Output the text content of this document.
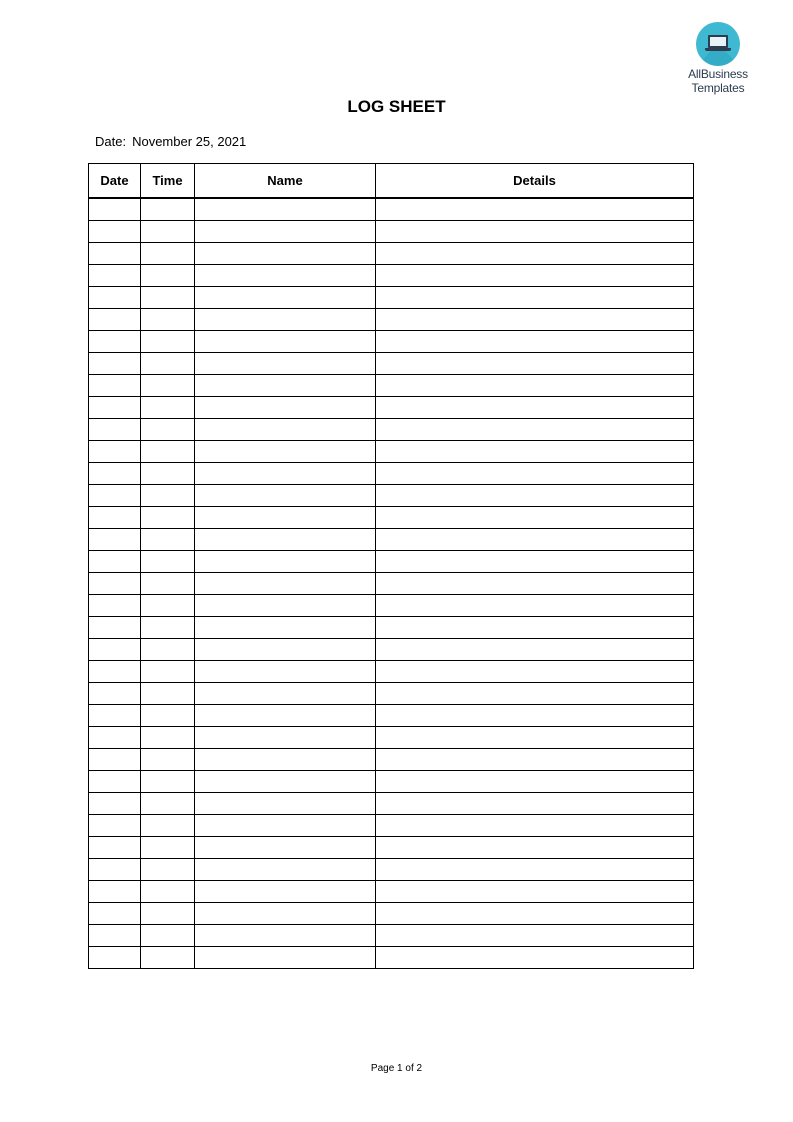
AllBusiness
Templates
LOG SHEET
Date: November 25, 2021
Date	Time	Name	Details

Page 1 of 2
